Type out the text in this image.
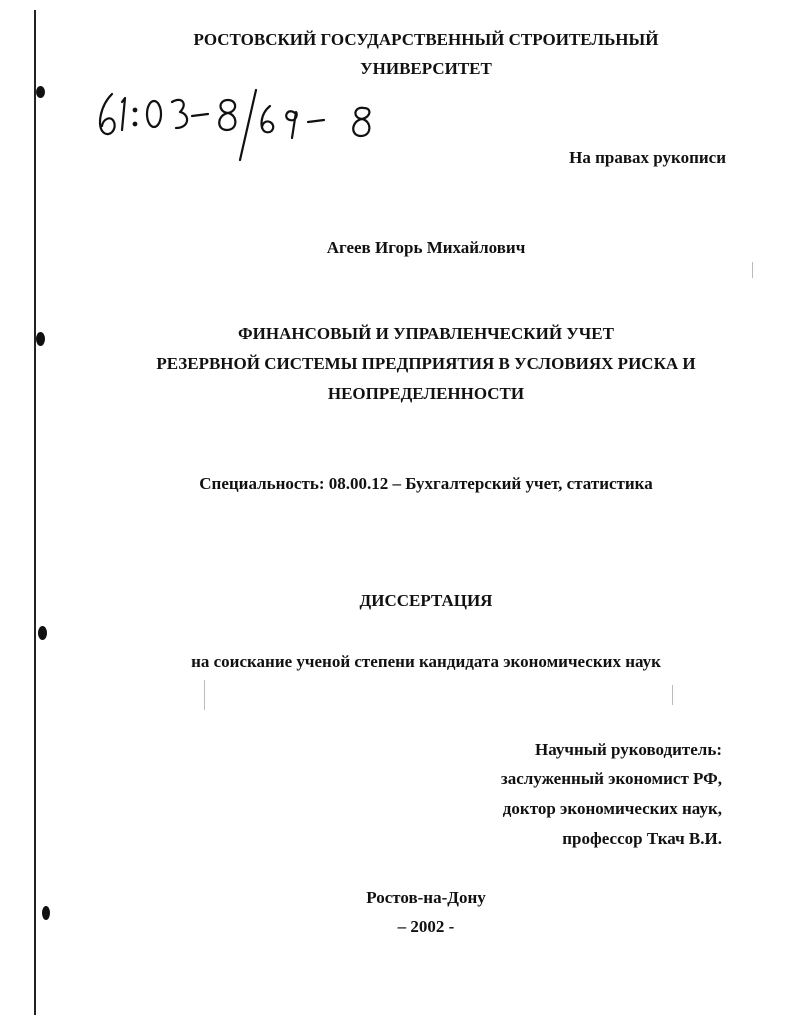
РОСТОВСКИЙ ГОСУДАРСТВЕННЫЙ СТРОИТЕЛЬНЫЙ
УНИВЕРСИТЕТ
61:03-8/69-8
На правах рукописи
Агеев Игорь Михайлович
ФИНАНСОВЫЙ И УПРАВЛЕНЧЕСКИЙ УЧЕТ
РЕЗЕРВНОЙ СИСТЕМЫ ПРЕДПРИЯТИЯ В УСЛОВИЯХ РИСКА И
НЕОПРЕДЕЛЕННОСТИ
Специальность: 08.00.12 – Бухгалтерский учет, статистика
ДИССЕРТАЦИЯ
на соискание ученой степени кандидата экономических наук
Научный руководитель:
заслуженный экономист РФ,
доктор экономических наук,
профессор Ткач В.И.
Ростов-на-Дону
– 2002 -
